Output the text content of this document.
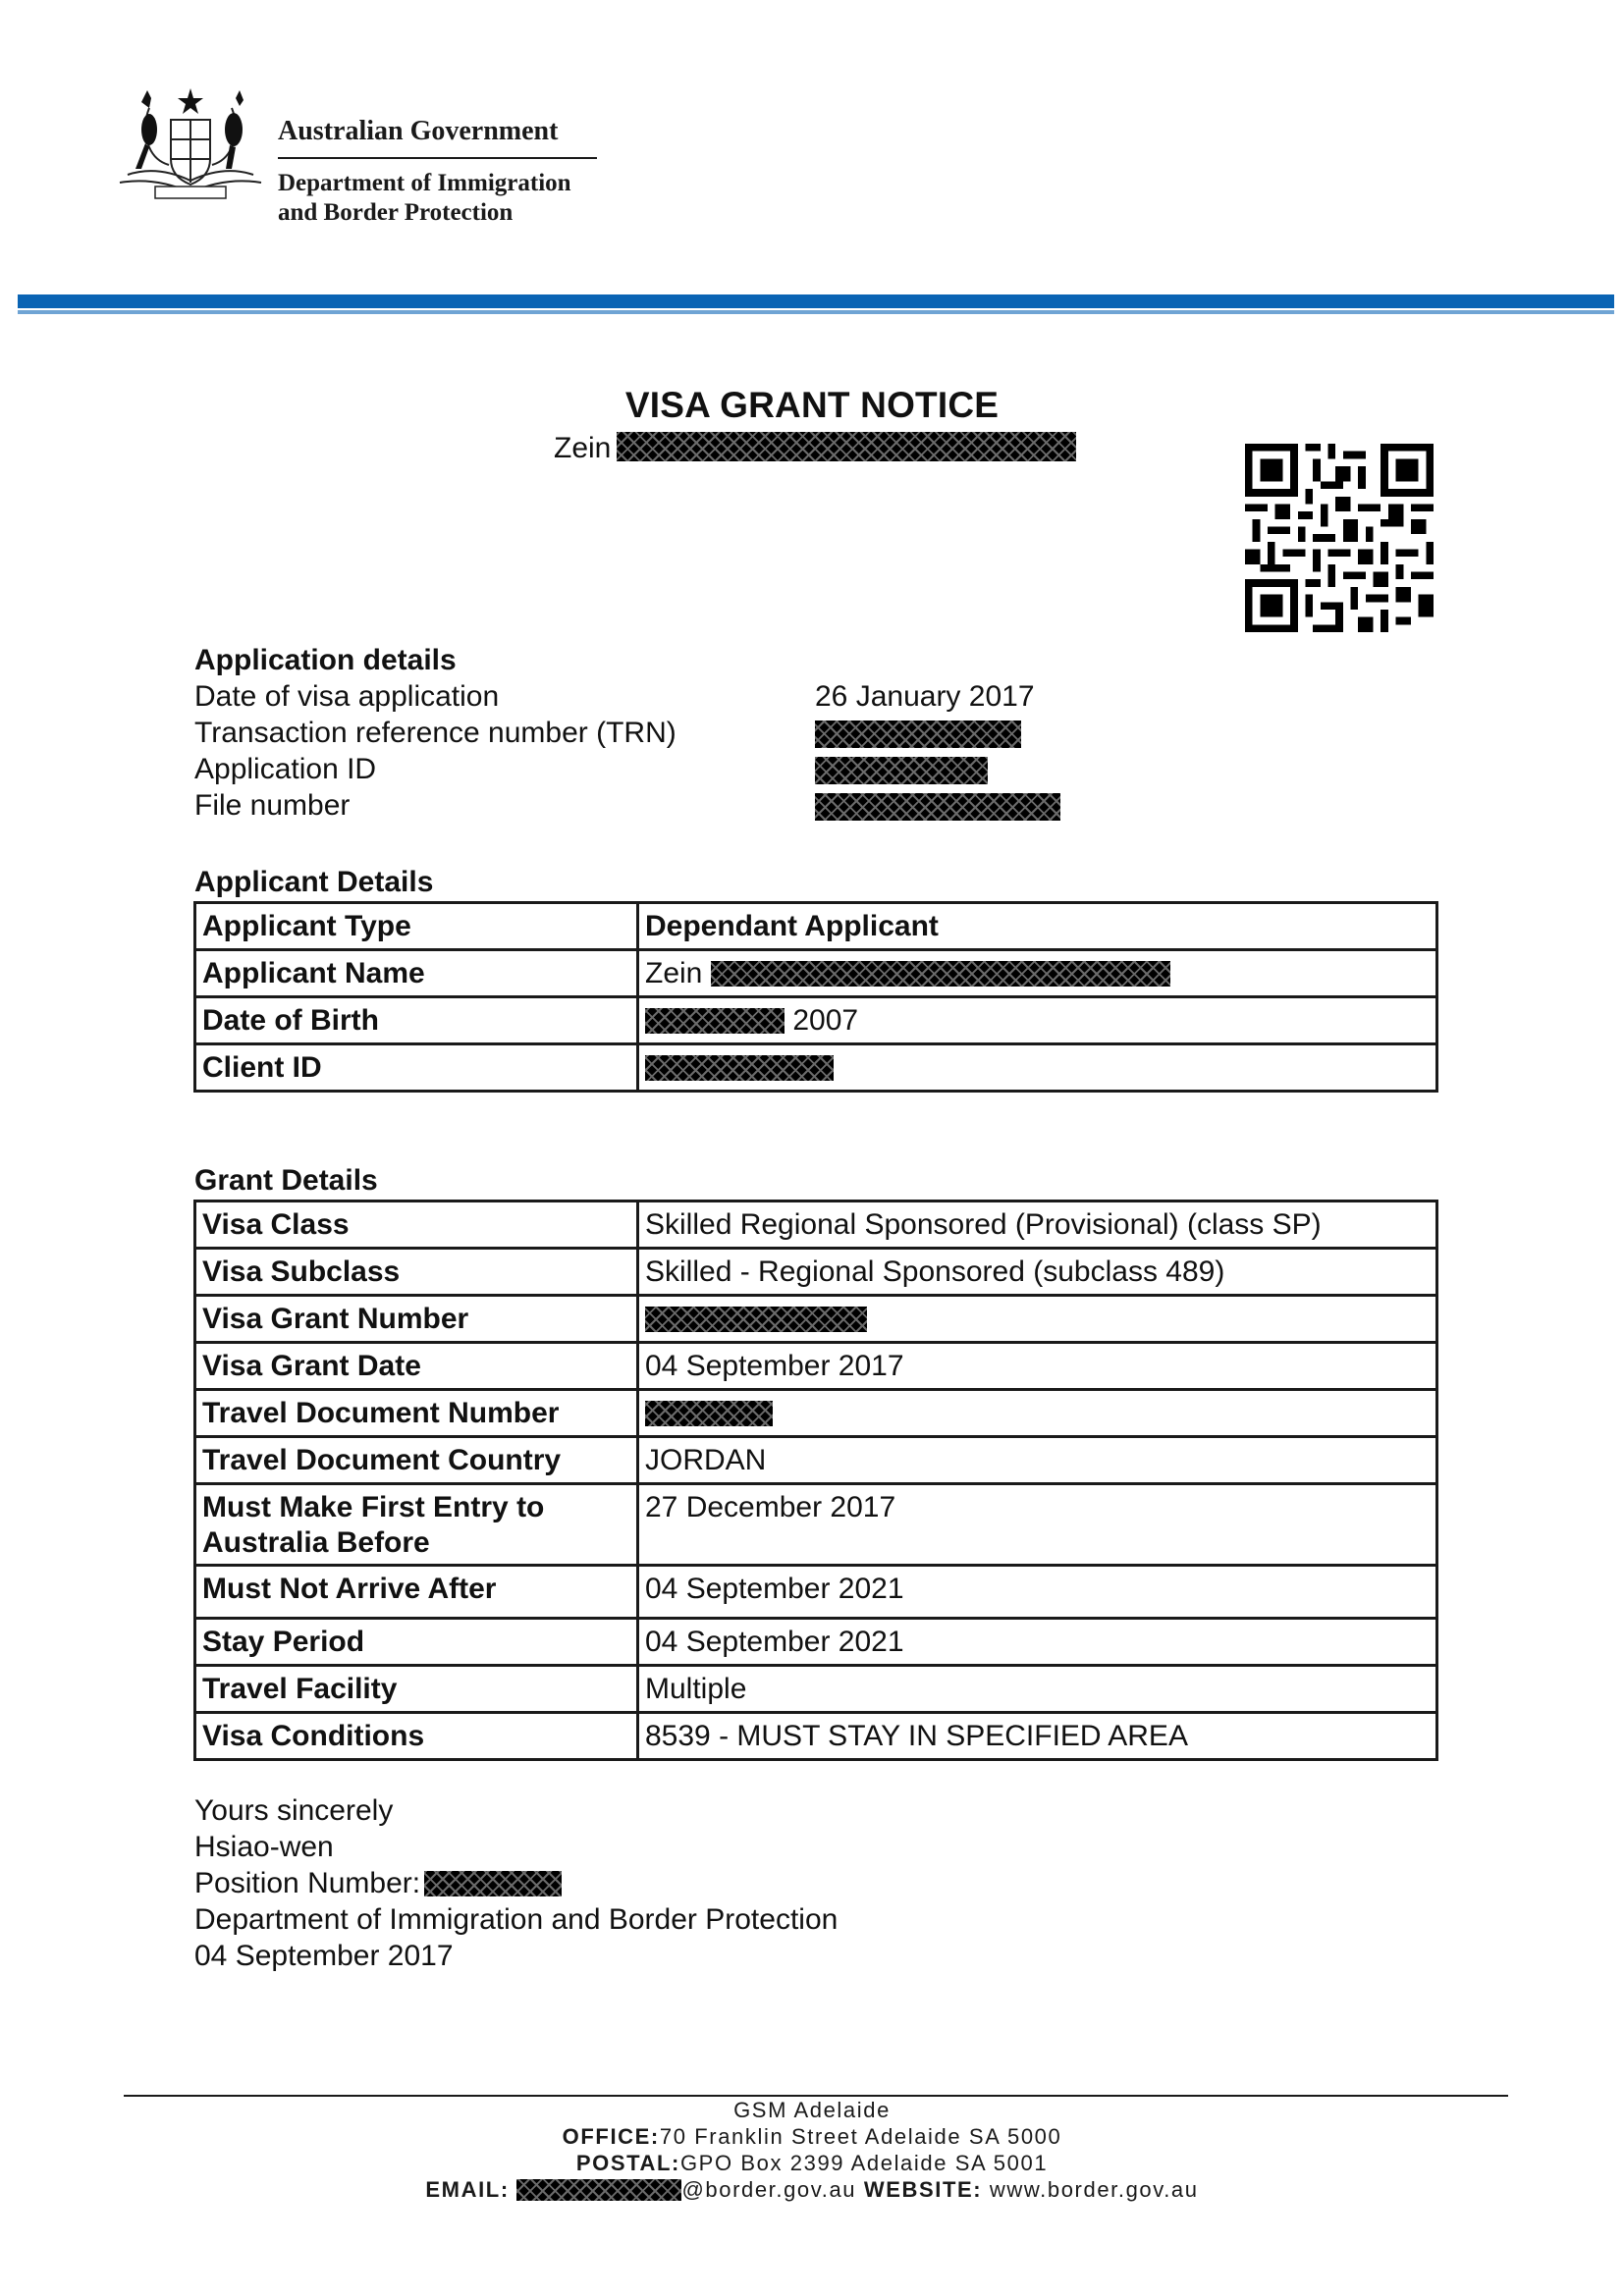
Australian Government
Department of Immigration
and Border Protection
VISA GRANT NOTICE
Zein
Application details
Date of visa application	26 January 2017
Transaction reference number (TRN)
Application ID
File number
Applicant Details
Applicant Type	Dependant Applicant
Applicant Name	Zein
Date of Birth	2007
Client ID	
Grant Details
Visa Class	Skilled Regional Sponsored (Provisional) (class SP)
Visa Subclass	Skilled - Regional Sponsored (subclass 489)
Visa Grant Number	
Visa Grant Date	04 September 2017
Travel Document Number	
Travel Document Country	JORDAN
Must Make First Entry to
Australia Before	27 December 2017
Must Not Arrive After	04 September 2021
Stay Period	04 September 2021
Travel Facility	Multiple
Visa Conditions	8539 - MUST STAY IN SPECIFIED AREA
Yours sincerely
Hsiao-wen
Position Number:
Department of Immigration and Border Protection
04 September 2017
GSM Adelaide
OFFICE:70 Franklin Street Adelaide SA 5000
POSTAL:GPO Box 2399 Adelaide SA 5001
EMAIL:	@border.gov.au WEBSITE: www.border.gov.au
